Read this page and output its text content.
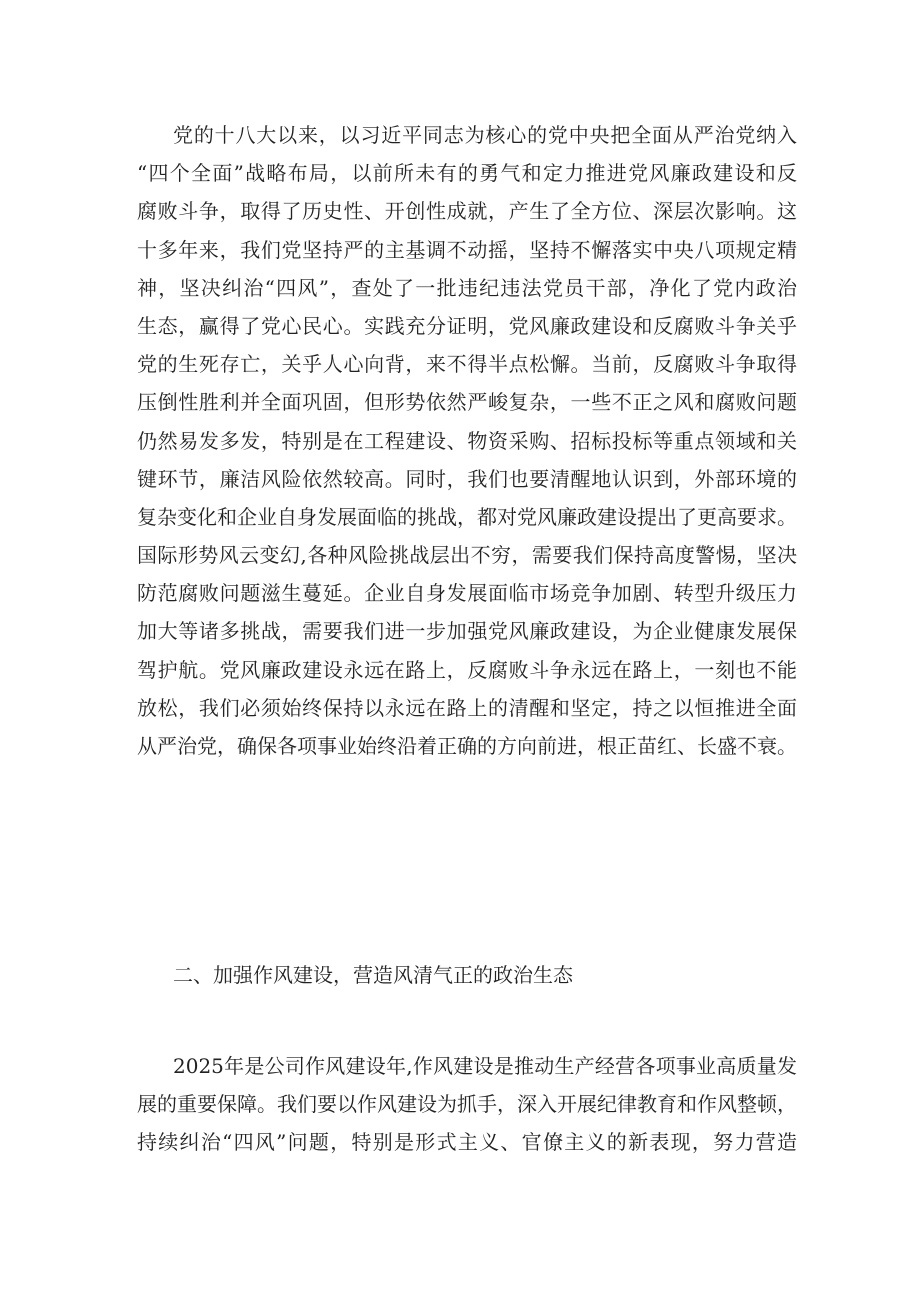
党的十八大以来，以习近平同志为核心的党中央把全面从严治党纳入
“四个全面”战略布局，以前所未有的勇气和定力推进党风廉政建设和反
腐败斗争，取得了历史性、开创性成就，产生了全方位、深层次影响。这
十多年来，我们党坚持严的主基调不动摇，坚持不懈落实中央八项规定精
神，坚决纠治“四风”，查处了一批违纪违法党员干部，净化了党内政治
生态，赢得了党心民心。实践充分证明，党风廉政建设和反腐败斗争关乎
党的生死存亡，关乎人心向背，来不得半点松懈。当前，反腐败斗争取得
压倒性胜利并全面巩固，但形势依然严峻复杂，一些不正之风和腐败问题
仍然易发多发，特别是在工程建设、物资采购、招标投标等重点领域和关
键环节，廉洁风险依然较高。同时，我们也要清醒地认识到，外部环境的
复杂变化和企业自身发展面临的挑战，都对党风廉政建设提出了更高要求。
国际形势风云变幻,各种风险挑战层出不穷，需要我们保持高度警惕，坚决
防范腐败问题滋生蔓延。企业自身发展面临市场竞争加剧、转型升级压力
加大等诸多挑战，需要我们进一步加强党风廉政建设，为企业健康发展保
驾护航。党风廉政建设永远在路上，反腐败斗争永远在路上，一刻也不能
放松，我们必须始终保持以永远在路上的清醒和坚定，持之以恒推进全面
从严治党，确保各项事业始终沿着正确的方向前进，根正苗红、长盛不衰。
二、加强作风建设，营造风清气正的政治生态
2025年是公司作风建设年,作风建设是推动生产经营各项事业高质量发
展的重要保障。我们要以作风建设为抓手，深入开展纪律教育和作风整顿，
持续纠治“四风”问题，特别是形式主义、官僚主义的新表现，努力营造
